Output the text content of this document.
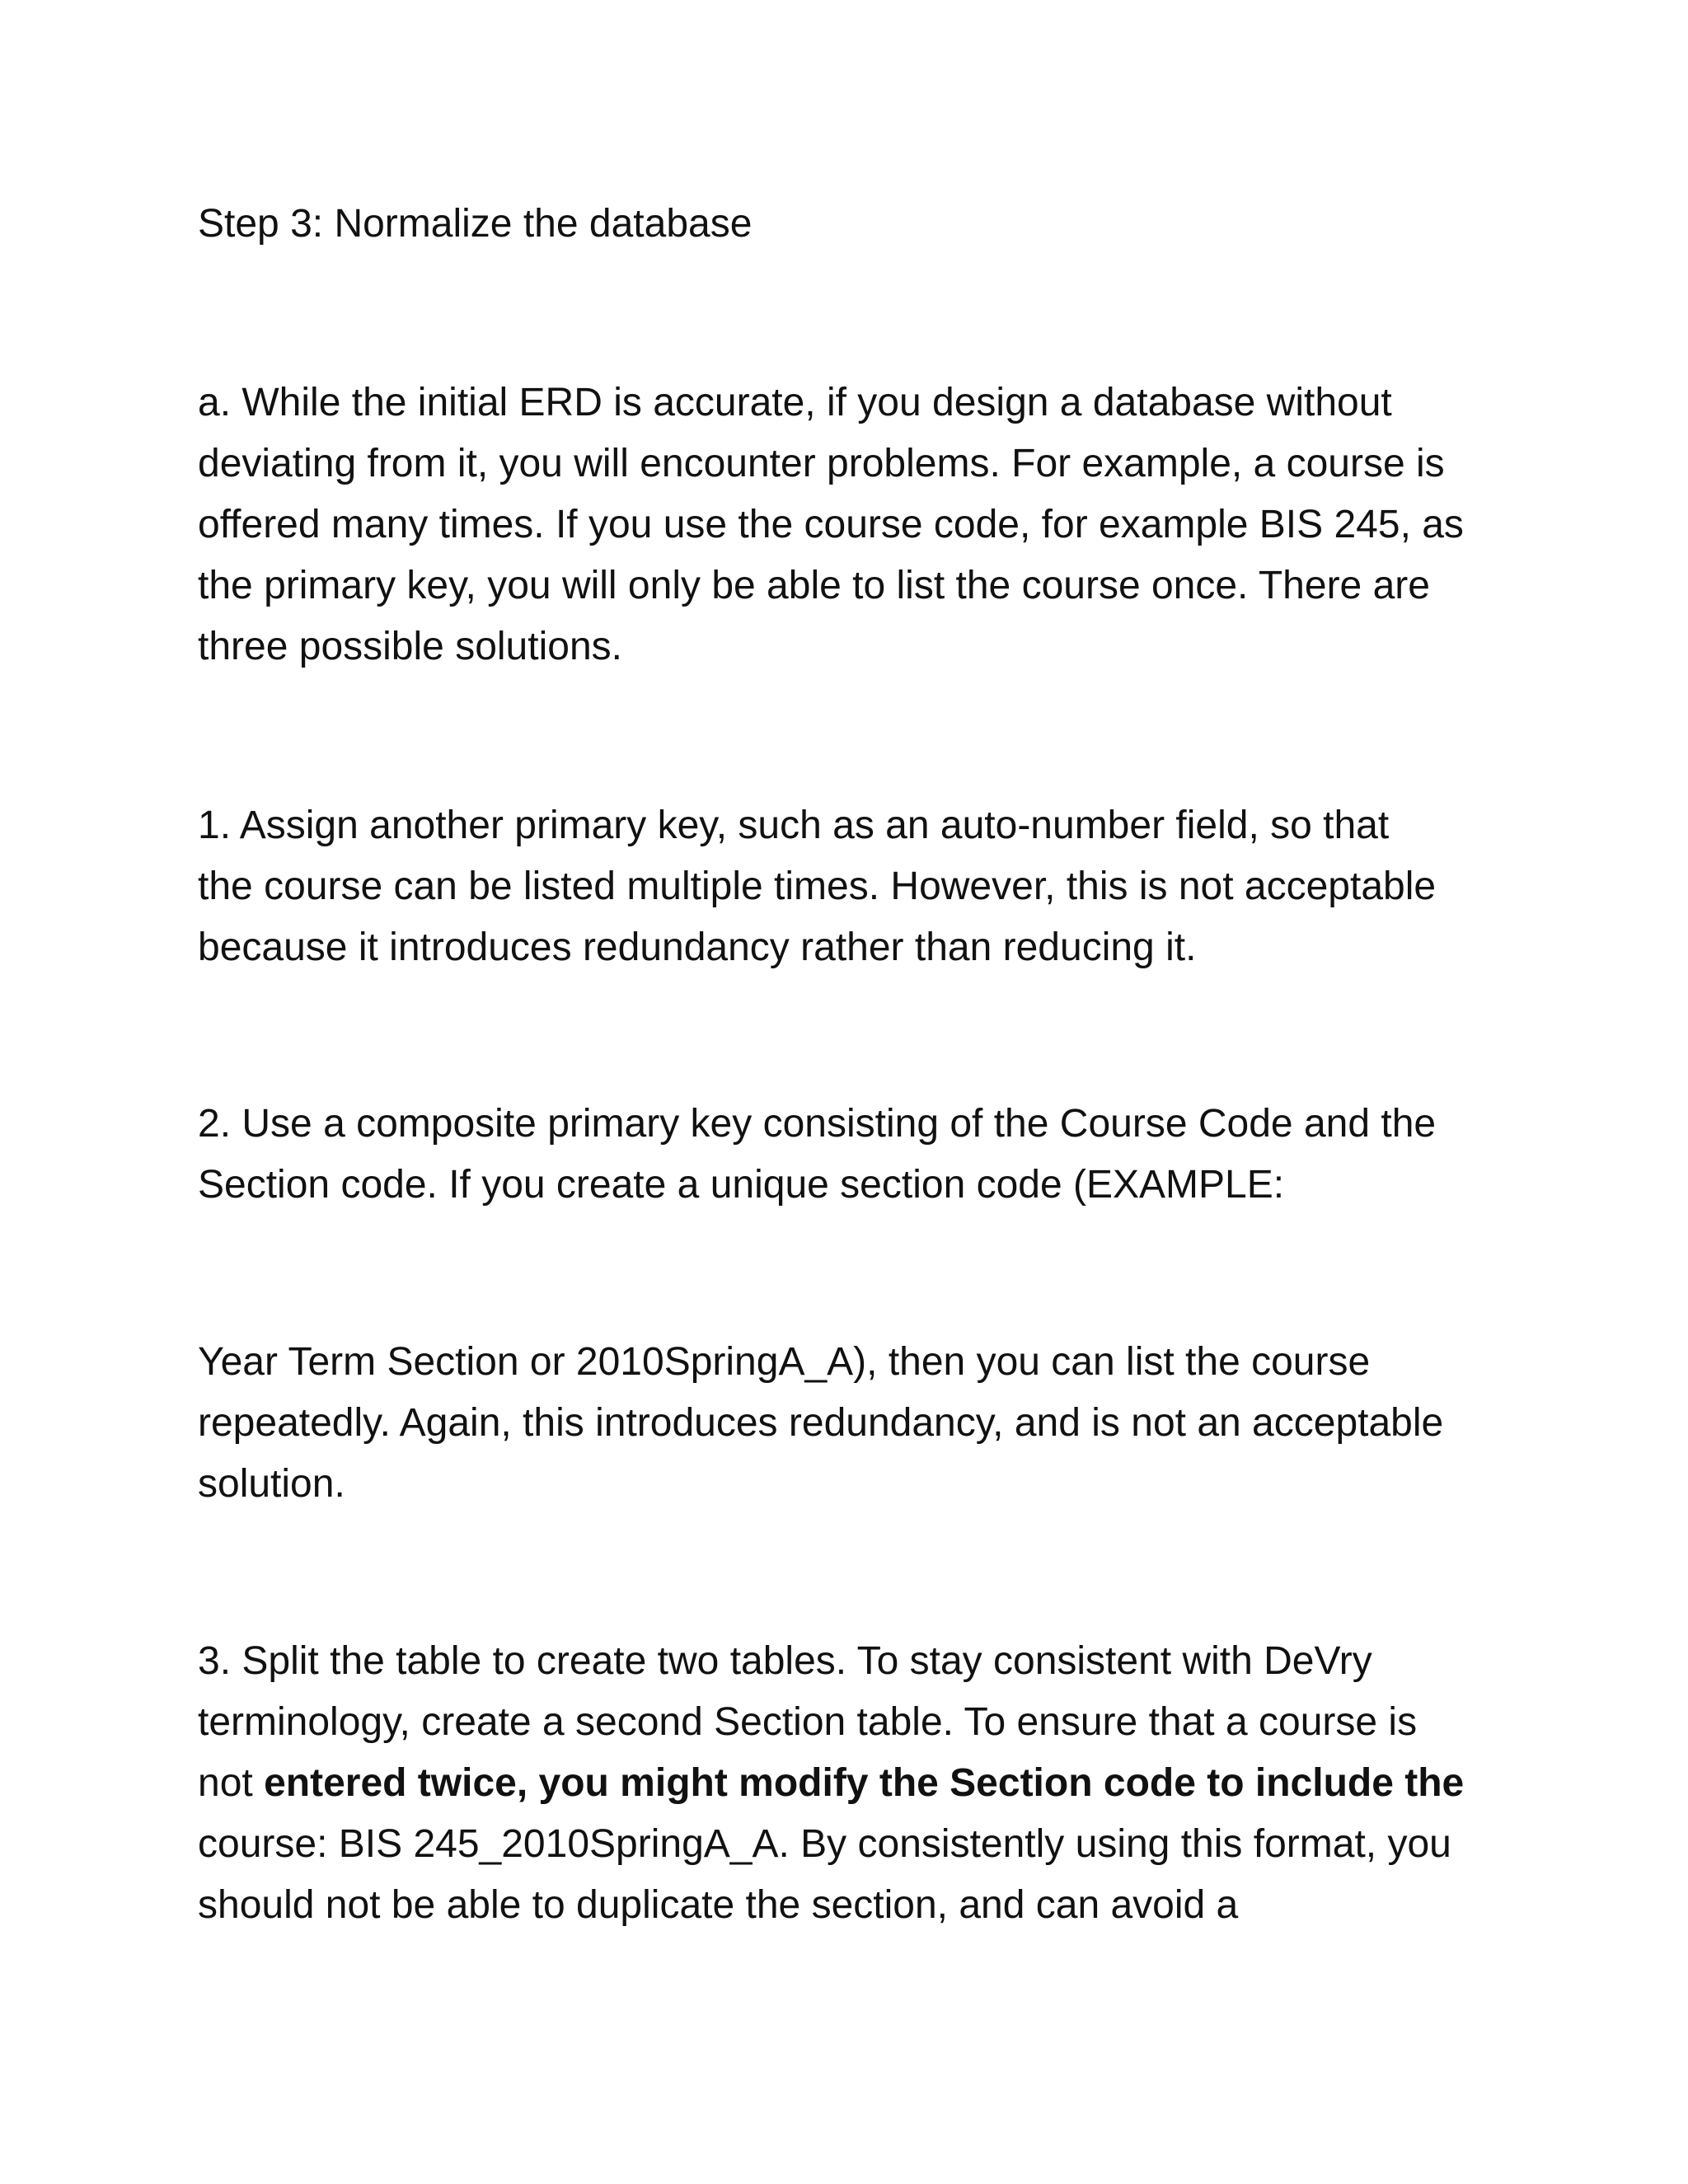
Step 3: Normalize the database
a. While the initial ERD is accurate, if you design a database without
deviating from it, you will encounter problems. For example, a course is
offered many times. If you use the course code, for example BIS 245, as
the primary key, you will only be able to list the course once. There are
three possible solutions.
1. Assign another primary key, such as an auto-number field, so that
the course can be listed multiple times. However, this is not acceptable
because it introduces redundancy rather than reducing it.
2. Use a composite primary key consisting of the Course Code and the
Section code. If you create a unique section code (EXAMPLE:
Year Term Section or 2010SpringA_A), then you can list the course
repeatedly. Again, this introduces redundancy, and is not an acceptable
solution.
3. Split the table to create two tables. To stay consistent with DeVry
terminology, create a second Section table. To ensure that a course is
not entered twice, you might modify the Section code to include the
course: BIS 245_2010SpringA_A. By consistently using this format, you
should not be able to duplicate the section, and can avoid a
